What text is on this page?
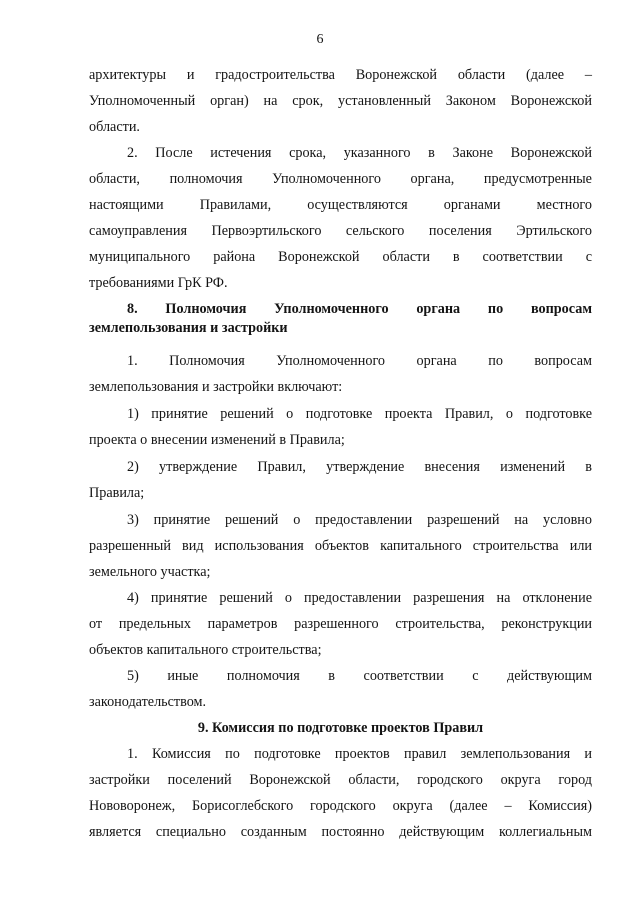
6
архитектуры и градостроительства Воронежской области (далее –
Уполномоченный орган) на срок, установленный Законом Воронежской
области.
2. После истечения срока, указанного в Законе Воронежской
области, полномочия Уполномоченного органа, предусмотренные
настоящими Правилами, осуществляются органами местного
самоуправления Первоэртильского сельского поселения Эртильского
муниципального района Воронежской области в соответствии с
требованиями ГрК РФ.
8. Полномочия Уполномоченного органа по вопросам
землепользования и застройки
1. Полномочия Уполномоченного органа по вопросам
землепользования и застройки включают:
1) принятие решений о подготовке проекта Правил, о подготовке
проекта о внесении изменений в Правила;
2) утверждение Правил, утверждение внесения изменений в
Правила;
3) принятие решений о предоставлении разрешений на условно
разрешенный вид использования объектов капитального строительства или
земельного участка;
4) принятие решений о предоставлении разрешения на отклонение
от предельных параметров разрешенного строительства, реконструкции
объектов капитального строительства;
5) иные полномочия в соответствии с действующим
законодательством.
9. Комиссия по подготовке проектов Правил
1. Комиссия по подготовке проектов правил землепользования и
застройки поселений Воронежской области, городского округа город
Нововоронеж, Борисоглебского городского округа (далее – Комиссия)
является специально созданным постоянно действующим коллегиальным
